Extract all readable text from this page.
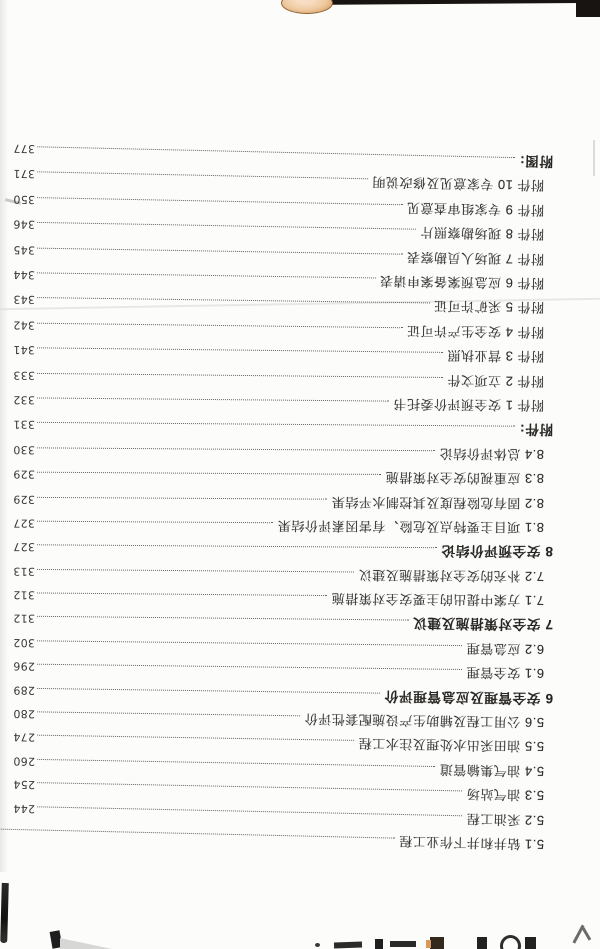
5.1 钻井和井下作业工程
5.2 采油工程
244
5.3 油气站场
254
5.4 油气集输管道
260
5.5 油田采出水处理及注水工程
274
5.6 公用工程及辅助生产设施配套性评价
280
6 安全管理及应急管理评价
289
6.1 安全管理
296
6.2 应急管理
302
7 安全对策措施及建议
312
7.1 方案中提出的主要安全对策措施
312
7.2 补充的安全对策措施及建议
313
8 安全预评价结论
327
8.1 项目主要特点及危险、有害因素评价结果
327
8.2 固有危险程度及其控制水平结果
329
8.3 应重视的安全对策措施
329
8.4 总体评价结论
330
附件:
331
附件 1 安全预评价委托书
332
附件 2 立项文件
333
附件 3 营业执照
341
附件 4 安全生产许可证
342
附件 5 采矿许可证
343
附件 6 应急预案备案申请表
344
附件 7 现场人员勘察表
345
附件 8 现场勘察照片
346
附件 9 专家组审查意见
350
附件 10 专家意见及修改说明
371
附图:
377
